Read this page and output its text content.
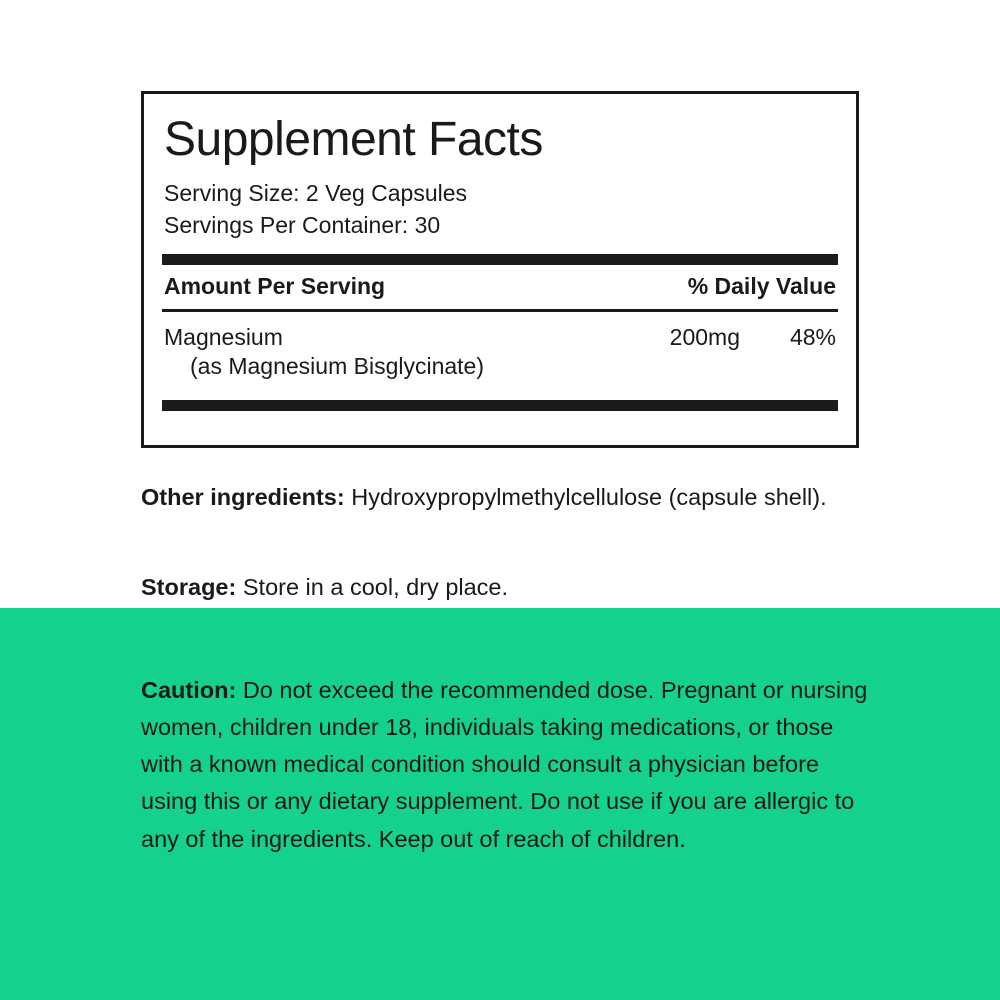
Supplement Facts
Serving Size: 2 Veg Capsules
Servings Per Container: 30
Amount Per Serving	% Daily Value
Magnesium	200mg	48%
(as Magnesium Bisglycinate)
Other ingredients: Hydroxypropylmethylcellulose (capsule shell).
Storage: Store in a cool, dry place.
Caution: Do not exceed the recommended dose. Pregnant or nursing women, children under 18, individuals taking medications, or those with a known medical condition should consult a physician before using this or any dietary supplement. Do not use if you are allergic to any of the ingredients. Keep out of reach of children.
